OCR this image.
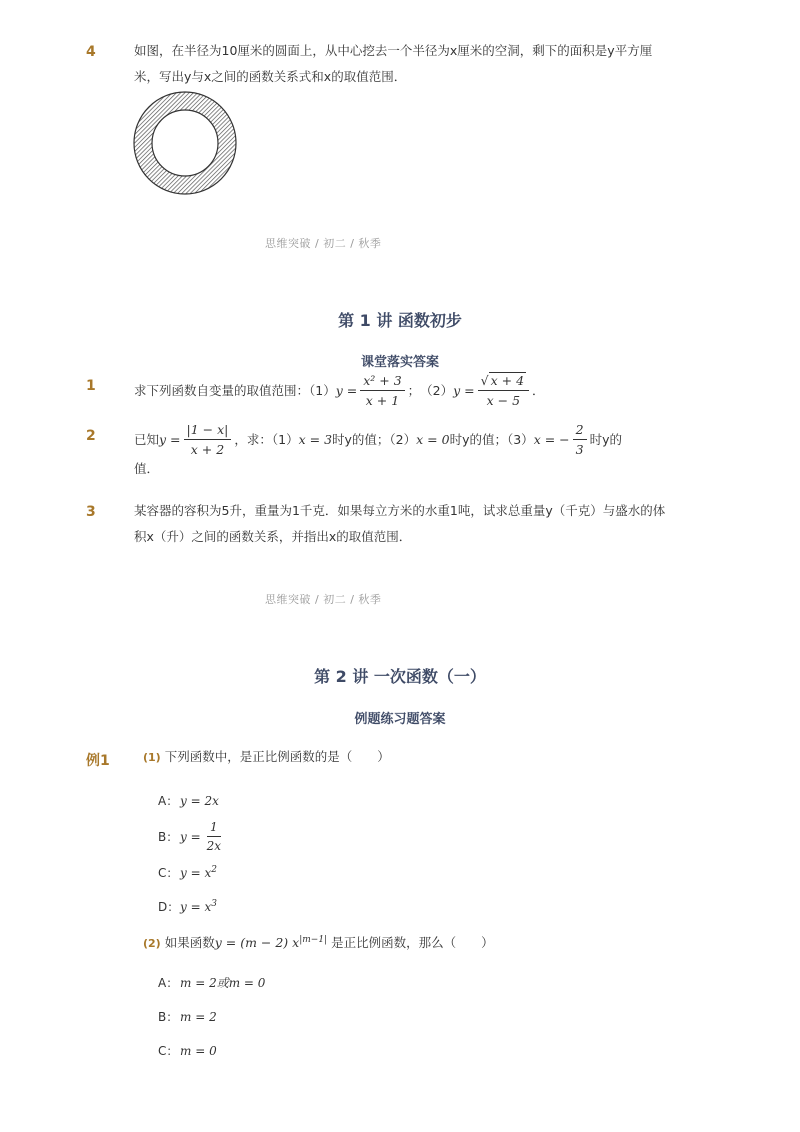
4	如图，在半径为10厘米的圆面上，从中心挖去一个半径为x厘米的空洞，剩下的面积是y平方厘
米，写出y与x之间的函数关系式和x的取值范围．
思维突破 / 初二 / 秋季
第 1 讲 函数初步
课堂落实答案
1	求下列函数自变量的取值范围：（1） $y = \frac{\text{x² + 3}}{x + 1}$ ；　（2） $y = \frac{√ x + 4}{x - 5}$ ．
2	已知 $y = \frac{|1 - x|}{x + 2}$ ，求：（1） x = 3 时y的值；（2） x = 0 时y的值；（3） x = − $\frac{2}{3}$ 时y的
值．
3	某容器的容积为5升，重量为1千克．如果每立方米的水重1吨，试求总重量y（千克）与盛水的体
积x（升）之间的函数关系，并指出x的取值范围．
思维突破 / 初二 / 秋季
第 2 讲 一次函数（一）
例题练习题答案
例1	(1) 下列函数中，是正比例函数的是（　　）
A： y = 2x
B： $y = \frac{1}{2x}$
C： $y = x^2$
D：$y = x^3$
(2) 如果函数y = (m − 2) $x^{|m-1|}$ 是正比例函数，那么（　　）
A： m = 2或m = 0
B： m = 2
C： m = 0
